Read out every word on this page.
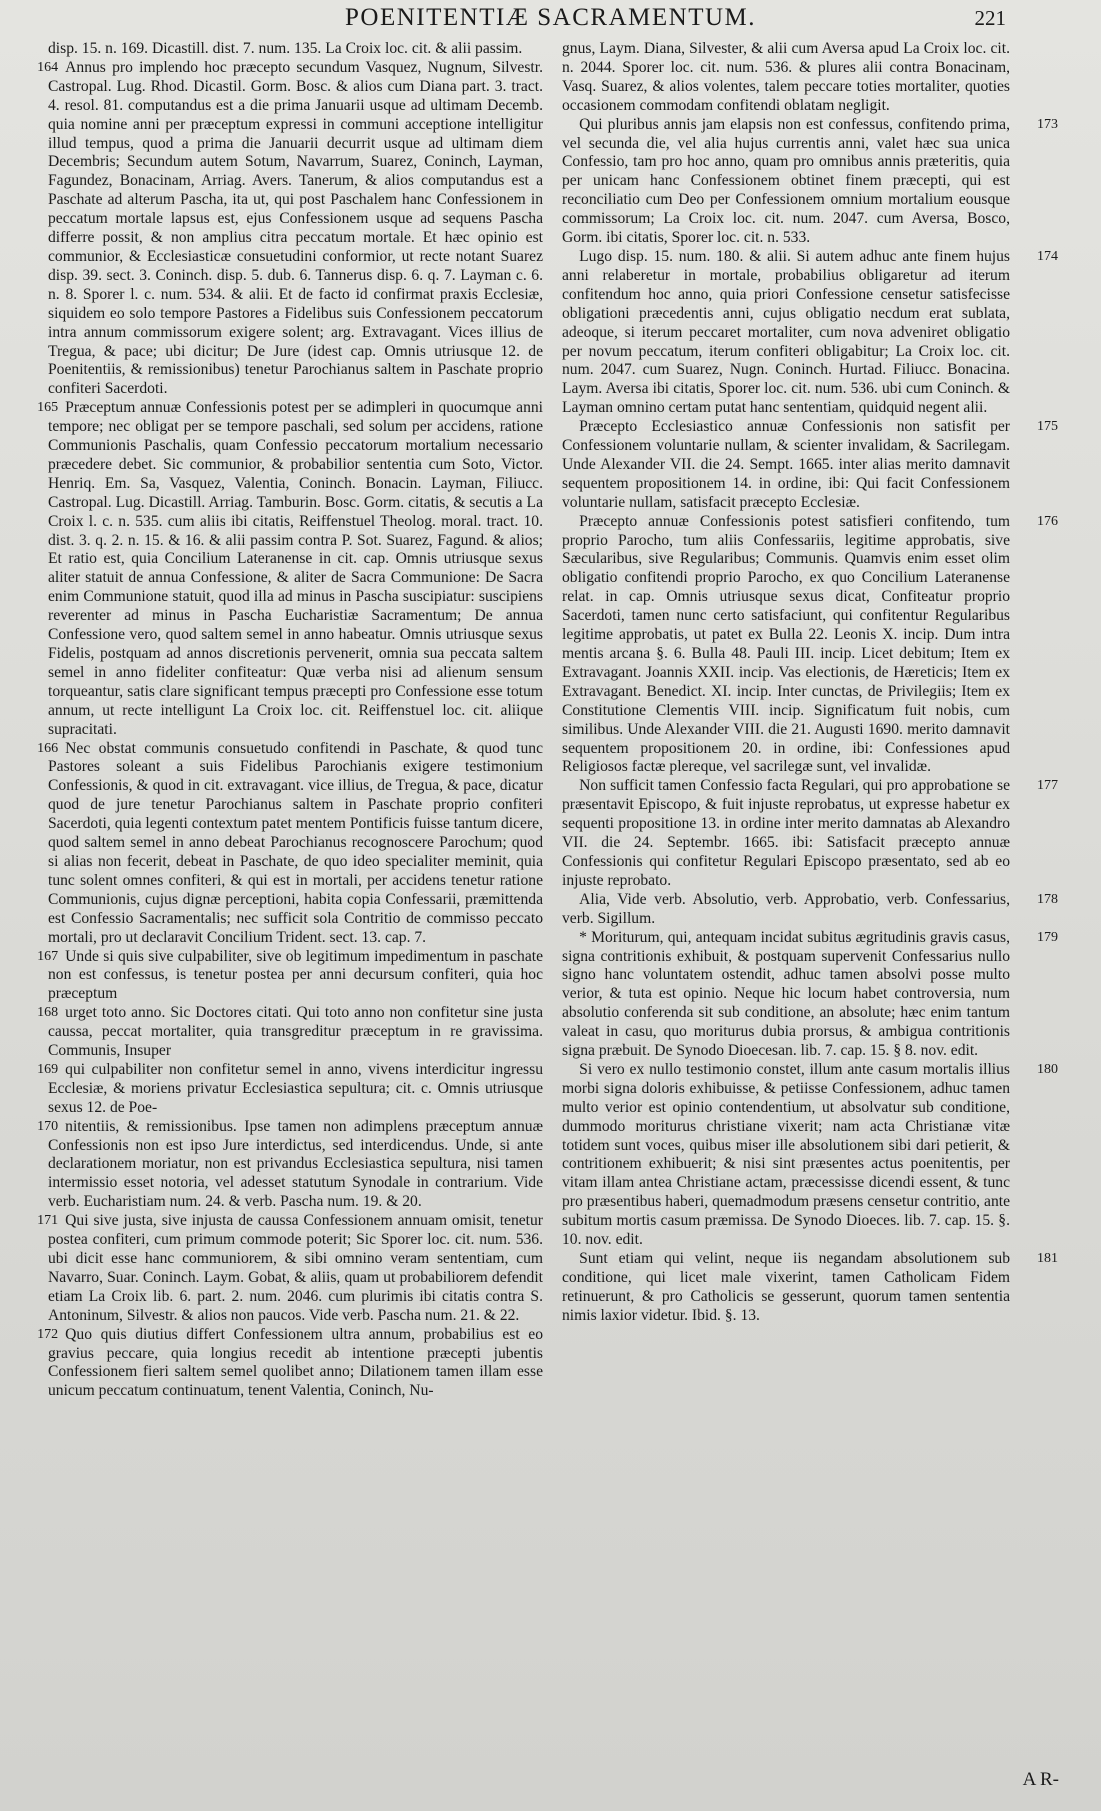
POENITENTIÆ SACRAMENTUM.	221

disp. 15. n. 169. Dicastill. dist. 7. num. 135. La Croix loc. cit. & alii passim.

164 Annus pro implendo hoc præcepto secundum Vasquez, Nugnum, Silvestr. Castropal. Lug. Rhod. Dicastil. Gorm. Bosc. & alios cum Diana part. 3. tract. 4. resol. 81. computandus est a die prima Januarii usque ad ultimam Decemb. quia nomine anni per præceptum expressi in communi acceptione intelligitur illud tempus, quod a prima die Januarii decurrit usque ad ultimam diem Decembris; Secundum autem Sotum, Navarrum, Suarez, Coninch, Layman, Fagundez, Bonacinam, Arriag. Avers. Tanerum, & alios computandus est a Paschate ad alterum Pascha, ita ut, qui post Paschalem hanc Confessionem in peccatum mortale lapsus est, ejus Confessionem usque ad sequens Pascha differre possit, & non amplius citra peccatum mortale. Et hæc opinio est communior, & Ecclesiasticæ consuetudini conformior, ut recte notant Suarez disp. 39. sect. 3. Coninch. disp. 5. dub. 6. Tannerus disp. 6. q. 7. Layman c. 6. n. 8. Sporer l. c. num. 534. & alii. Et de facto id confirmat praxis Ecclesiæ, siquidem eo solo tempore Pastores a Fidelibus suis Confessionem peccatorum intra annum commissorum exigere solent; arg. Extravagant. Vices illius de Tregua, & pace; ubi dicitur; De Jure (idest cap. Omnis utriusque 12. de Poenitentiis, & remissionibus) tenetur Parochianus saltem in Paschate proprio confiteri Sacerdoti.

165 Præceptum annuæ Confessionis potest per se adimpleri in quocumque anni tempore; nec obligat per se tempore paschali, sed solum per accidens, ratione Communionis Paschalis, quam Confessio peccatorum mortalium necessario præcedere debet. Sic communior, & probabilior sententia cum Soto, Victor. Henriq. Em. Sa, Vasquez, Valentia, Coninch. Bonacin. Layman, Filiucc. Castropal. Lug. Dicastill. Arriag. Tamburin. Bosc. Gorm. citatis, & secutis a La Croix l. c. n. 535. cum aliis ibi citatis, Reiffenstuel Theolog. moral. tract. 10. dist. 3. q. 2. n. 15. & 16. & alii passim contra P. Sot. Suarez, Fagund. & alios; Et ratio est, quia Concilium Lateranense in cit. cap. Omnis utriusque sexus aliter statuit de annua Confessione, & aliter de Sacra Communione: De Sacra enim Communione statuit, quod illa ad minus in Pascha suscipiatur: suscipiens reverenter ad minus in Pascha Eucharistiæ Sacramentum; De annua Confessione vero, quod saltem semel in anno habeatur. Omnis utriusque sexus Fidelis, postquam ad annos discretionis pervenerit, omnia sua peccata saltem semel in anno fideliter confiteatur: Quæ verba nisi ad alienum sensum torqueantur, satis clare significant tempus præcepti pro Confessione esse totum annum, ut recte intelligunt La Croix loc. cit. Reiffenstuel loc. cit. aliique supracitati.

166 Nec obstat communis consuetudo confitendi in Paschate, & quod tunc Pastores soleant a suis Fidelibus Parochianis exigere testimonium Confessionis, & quod in cit. extravagant. vice illius, de Tregua, & pace, dicatur quod de jure tenetur Parochianus saltem in Paschate proprio confiteri Sacerdoti, quia legenti contextum patet mentem Pontificis fuisse tantum dicere, quod saltem semel in anno debeat Parochianus recognoscere Parochum; quod si alias non fecerit, debeat in Paschate, de quo ideo specialiter meminit, quia tunc solent omnes confiteri, & qui est in mortali, per accidens tenetur ratione Communionis, cujus dignæ perceptioni, habita copia Confessarii, præmittenda est Confessio Sacramentalis; nec sufficit sola Contritio de commisso peccato mortali, pro ut declaravit Concilium Trident. sect. 13. cap. 7.

167 Unde si quis sive culpabiliter, sive ob legitimum impedimentum in paschate non est confessus, is tenetur postea per anni decursum confiteri, quia hoc præceptum

168 urget toto anno. Sic Doctores citati. Qui toto anno non confitetur sine justa caussa, peccat mortaliter, quia transgreditur præceptum in re gravissima. Communis, Insuper

169 qui culpabiliter non confitetur semel in anno, vivens interdicitur ingressu Ecclesiæ, & moriens privatur Ecclesiastica sepultura; cit. c. Omnis utriusque sexus 12. de Poe-

170 nitentiis, & remissionibus. Ipse tamen non adimplens præceptum annuæ Confessionis non est ipso Jure interdictus, sed interdicendus. Unde, si ante declarationem moriatur, non est privandus Ecclesiastica sepultura, nisi tamen intermissio esset notoria, vel adesset statutum Synodale in contrarium. Vide verb. Eucharistiam num. 24. & verb. Pascha num. 19. & 20.

171 Qui sive justa, sive injusta de caussa Confessionem annuam omisit, tenetur postea confiteri, cum primum commode poterit; Sic Sporer loc. cit. num. 536. ubi dicit esse hanc communiorem, & sibi omnino veram sententiam, cum Navarro, Suar. Coninch. Laym. Gobat, & aliis, quam ut probabiliorem defendit etiam La Croix lib. 6. part. 2. num. 2046. cum plurimis ibi citatis contra S. Antoninum, Silvestr. & alios non paucos. Vide verb. Pascha num. 21. & 22.

172 Quo quis diutius differt Confessionem ultra annum, probabilius est eo gravius peccare, quia longius recedit ab intentione præcepti jubentis Confessionem fieri saltem semel quolibet anno; Dilationem tamen illam esse unicum peccatum continuatum, tenent Valentia, Coninch, Nu-

gnus, Laym. Diana, Silvester, & alii cum Aversa apud La Croix loc. cit. n. 2044. Sporer loc. cit. num. 536. & plures alii contra Bonacinam, Vasq. Suarez, & alios volentes, talem peccare toties mortaliter, quoties occasionem commodam confitendi oblatam negligit.

173
Qui pluribus annis jam elapsis non est confessus, confitendo prima, vel secunda die, vel alia hujus currentis anni, valet hæc sua unica Confessio, tam pro hoc anno, quam pro omnibus annis præteritis, quia per unicam hanc Confessionem obtinet finem præcepti, qui est reconciliatio cum Deo per Confessionem omnium mortalium eousque commissorum; La Croix loc. cit. num. 2047. cum Aversa, Bosco, Gorm. ibi citatis, Sporer loc. cit. n. 533.

174
Lugo disp. 15. num. 180. & alii. Si autem adhuc ante finem hujus anni relaberetur in mortale, probabilius obligaretur ad iterum confitendum hoc anno, quia priori Confessione censetur satisfecisse obligationi præcedentis anni, cujus obligatio necdum erat sublata, adeoque, si iterum peccaret mortaliter, cum nova adveniret obligatio per novum peccatum, iterum confiteri obligabitur; La Croix loc. cit. num. 2047. cum Suarez, Nugn. Coninch. Hurtad. Filiucc. Bonacina. Laym. Aversa ibi citatis, Sporer loc. cit. num. 536. ubi cum Coninch. & Layman omnino certam putat hanc sententiam, quidquid negent alii.

175
Præcepto Ecclesiastico annuæ Confessionis non satisfit per Confessionem voluntarie nullam, & scienter invalidam, & Sacrilegam. Unde Alexander VII. die 24. Sempt. 1665. inter alias merito damnavit sequentem propositionem 14. in ordine, ibi: Qui facit Confessionem voluntarie nullam, satisfacit præcepto Ecclesiæ.

176
Præcepto annuæ Confessionis potest satisfieri confitendo, tum proprio Parocho, tum aliis Confessariis, legitime approbatis, sive Sæcularibus, sive Regularibus; Communis. Quamvis enim esset olim obligatio confitendi proprio Parocho, ex quo Concilium Lateranense relat. in cap. Omnis utriusque sexus dicat, Confiteatur proprio Sacerdoti, tamen nunc certo satisfaciunt, qui confitentur Regularibus legitime approbatis, ut patet ex Bulla 22. Leonis X. incip. Dum intra mentis arcana §. 6. Bulla 48. Pauli III. incip. Licet debitum; Item ex Extravagant. Joannis XXII. incip. Vas electionis, de Hæreticis; Item ex Extravagant. Benedict. XI. incip. Inter cunctas, de Privilegiis; Item ex Constitutione Clementis VIII. incip. Significatum fuit nobis, cum similibus. Unde Alexander VIII. die 21. Augusti 1690. merito damnavit sequentem propositionem 20. in ordine, ibi: Confessiones apud Religiosos factæ plereque, vel sacrilegæ sunt, vel invalidæ.

177
Non sufficit tamen Confessio facta Regulari, qui pro approbatione se præsentavit Episcopo, & fuit injuste reprobatus, ut expresse habetur ex sequenti propositione 13. in ordine inter merito damnatas ab Alexandro VII. die 24. Septembr. 1665. ibi: Satisfacit præcepto annuæ Confessionis qui confitetur Regulari Episcopo præsentato, sed ab eo injuste reprobato.

178
Alia, Vide verb. Absolutio, verb. Approbatio, verb. Confessarius, verb. Sigillum.

179
* Moriturum, qui, antequam incidat subitus ægritudinis gravis casus, signa contritionis exhibuit, & postquam supervenit Confessarius nullo signo hanc voluntatem ostendit, adhuc tamen absolvi posse multo verior, & tuta est opinio. Neque hic locum habet controversia, num absolutio conferenda sit sub conditione, an absolute; hæc enim tantum valeat in casu, quo moriturus dubia prorsus, & ambigua contritionis signa præbuit. De Synodo Dioecesan. lib. 7. cap. 15. § 8. nov. edit.

180
Si vero ex nullo testimonio constet, illum ante casum mortalis illius morbi signa doloris exhibuisse, & petiisse Confessionem, adhuc tamen multo verior est opinio contendentium, ut absolvatur sub conditione, dummodo moriturus christiane vixerit; nam acta Christianæ vitæ totidem sunt voces, quibus miser ille absolutionem sibi dari petierit, & contritionem exhibuerit; & nisi sint præsentes actus poenitentis, per vitam illam antea Christiane actam, præcessisse dicendi essent, & tunc pro præsentibus haberi, quemadmodum præsens censetur contritio, ante subitum mortis casum præmissa. De Synodo Dioeces. lib. 7. cap. 15. §. 10. nov. edit.

181
Sunt etiam qui velint, neque iis negandam absolutionem sub conditione, qui licet male vixerint, tamen Catholicam Fidem retinuerunt, & pro Catholicis se gesserunt, quorum tamen sententia nimis laxior videtur. Ibid. §. 13.

A R-
